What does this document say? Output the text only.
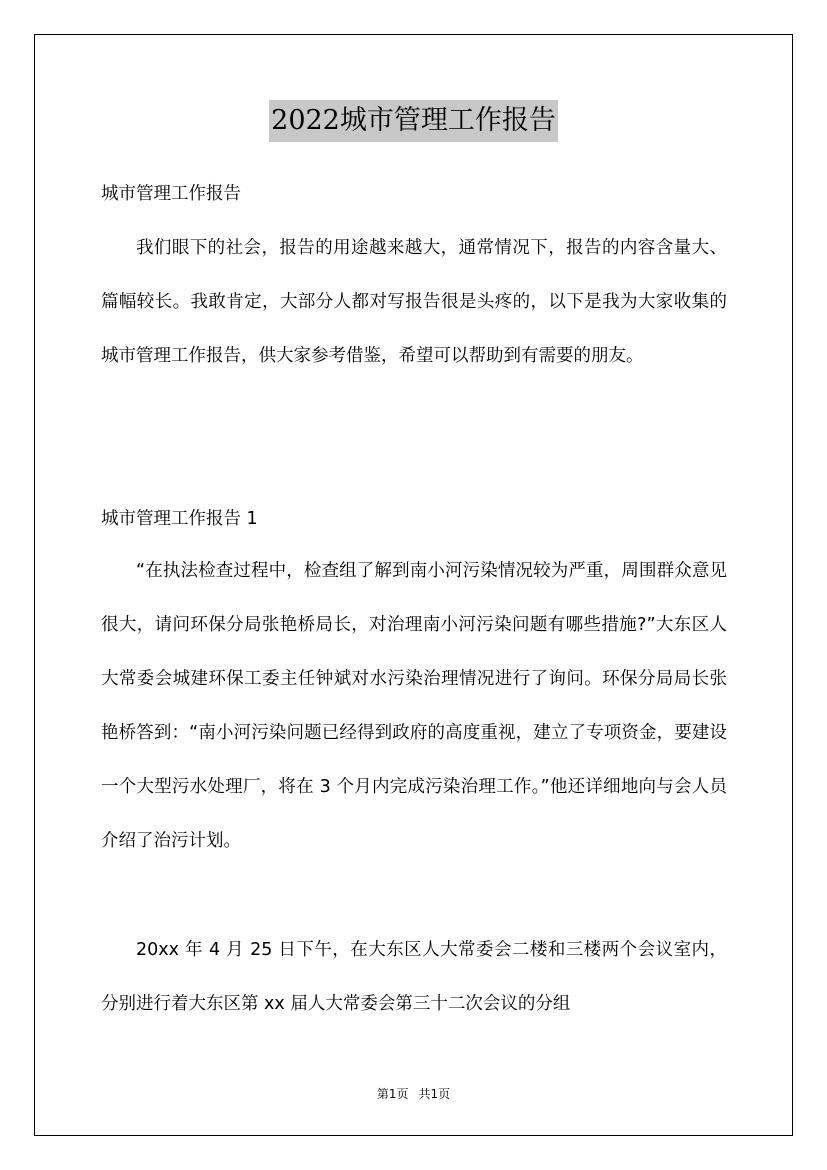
2022城市管理工作报告
城市管理工作报告

我们眼下的社会，报告的用途越来越大，通常情况下，报告的内容含量大、篇幅较长。我敢肯定，大部分人都对写报告很是头疼的，以下是我为大家收集的城市管理工作报告，供大家参考借鉴，希望可以帮助到有需要的朋友。

城市管理工作报告 1

“在执法检查过程中，检查组了解到南小河污染情况较为严重，周围群众意见很大，请问环保分局张艳桥局长，对治理南小河污染问题有哪些措施?”大东区人大常委会城建环保工委主任钟斌对水污染治理情况进行了询问。环保分局局长张艳桥答到：“南小河污染问题已经得到政府的高度重视，建立了专项资金，要建设一个大型污水处理厂，将在 3 个月内完成污染治理工作。”他还详细地向与会人员介绍了治污计划。

20xx 年 4 月 25 日下午，在大东区人大常委会二楼和三楼两个会议室内，分别进行着大东区第 xx 届人大常委会第三十二次会议的分组

第1页 共1页
